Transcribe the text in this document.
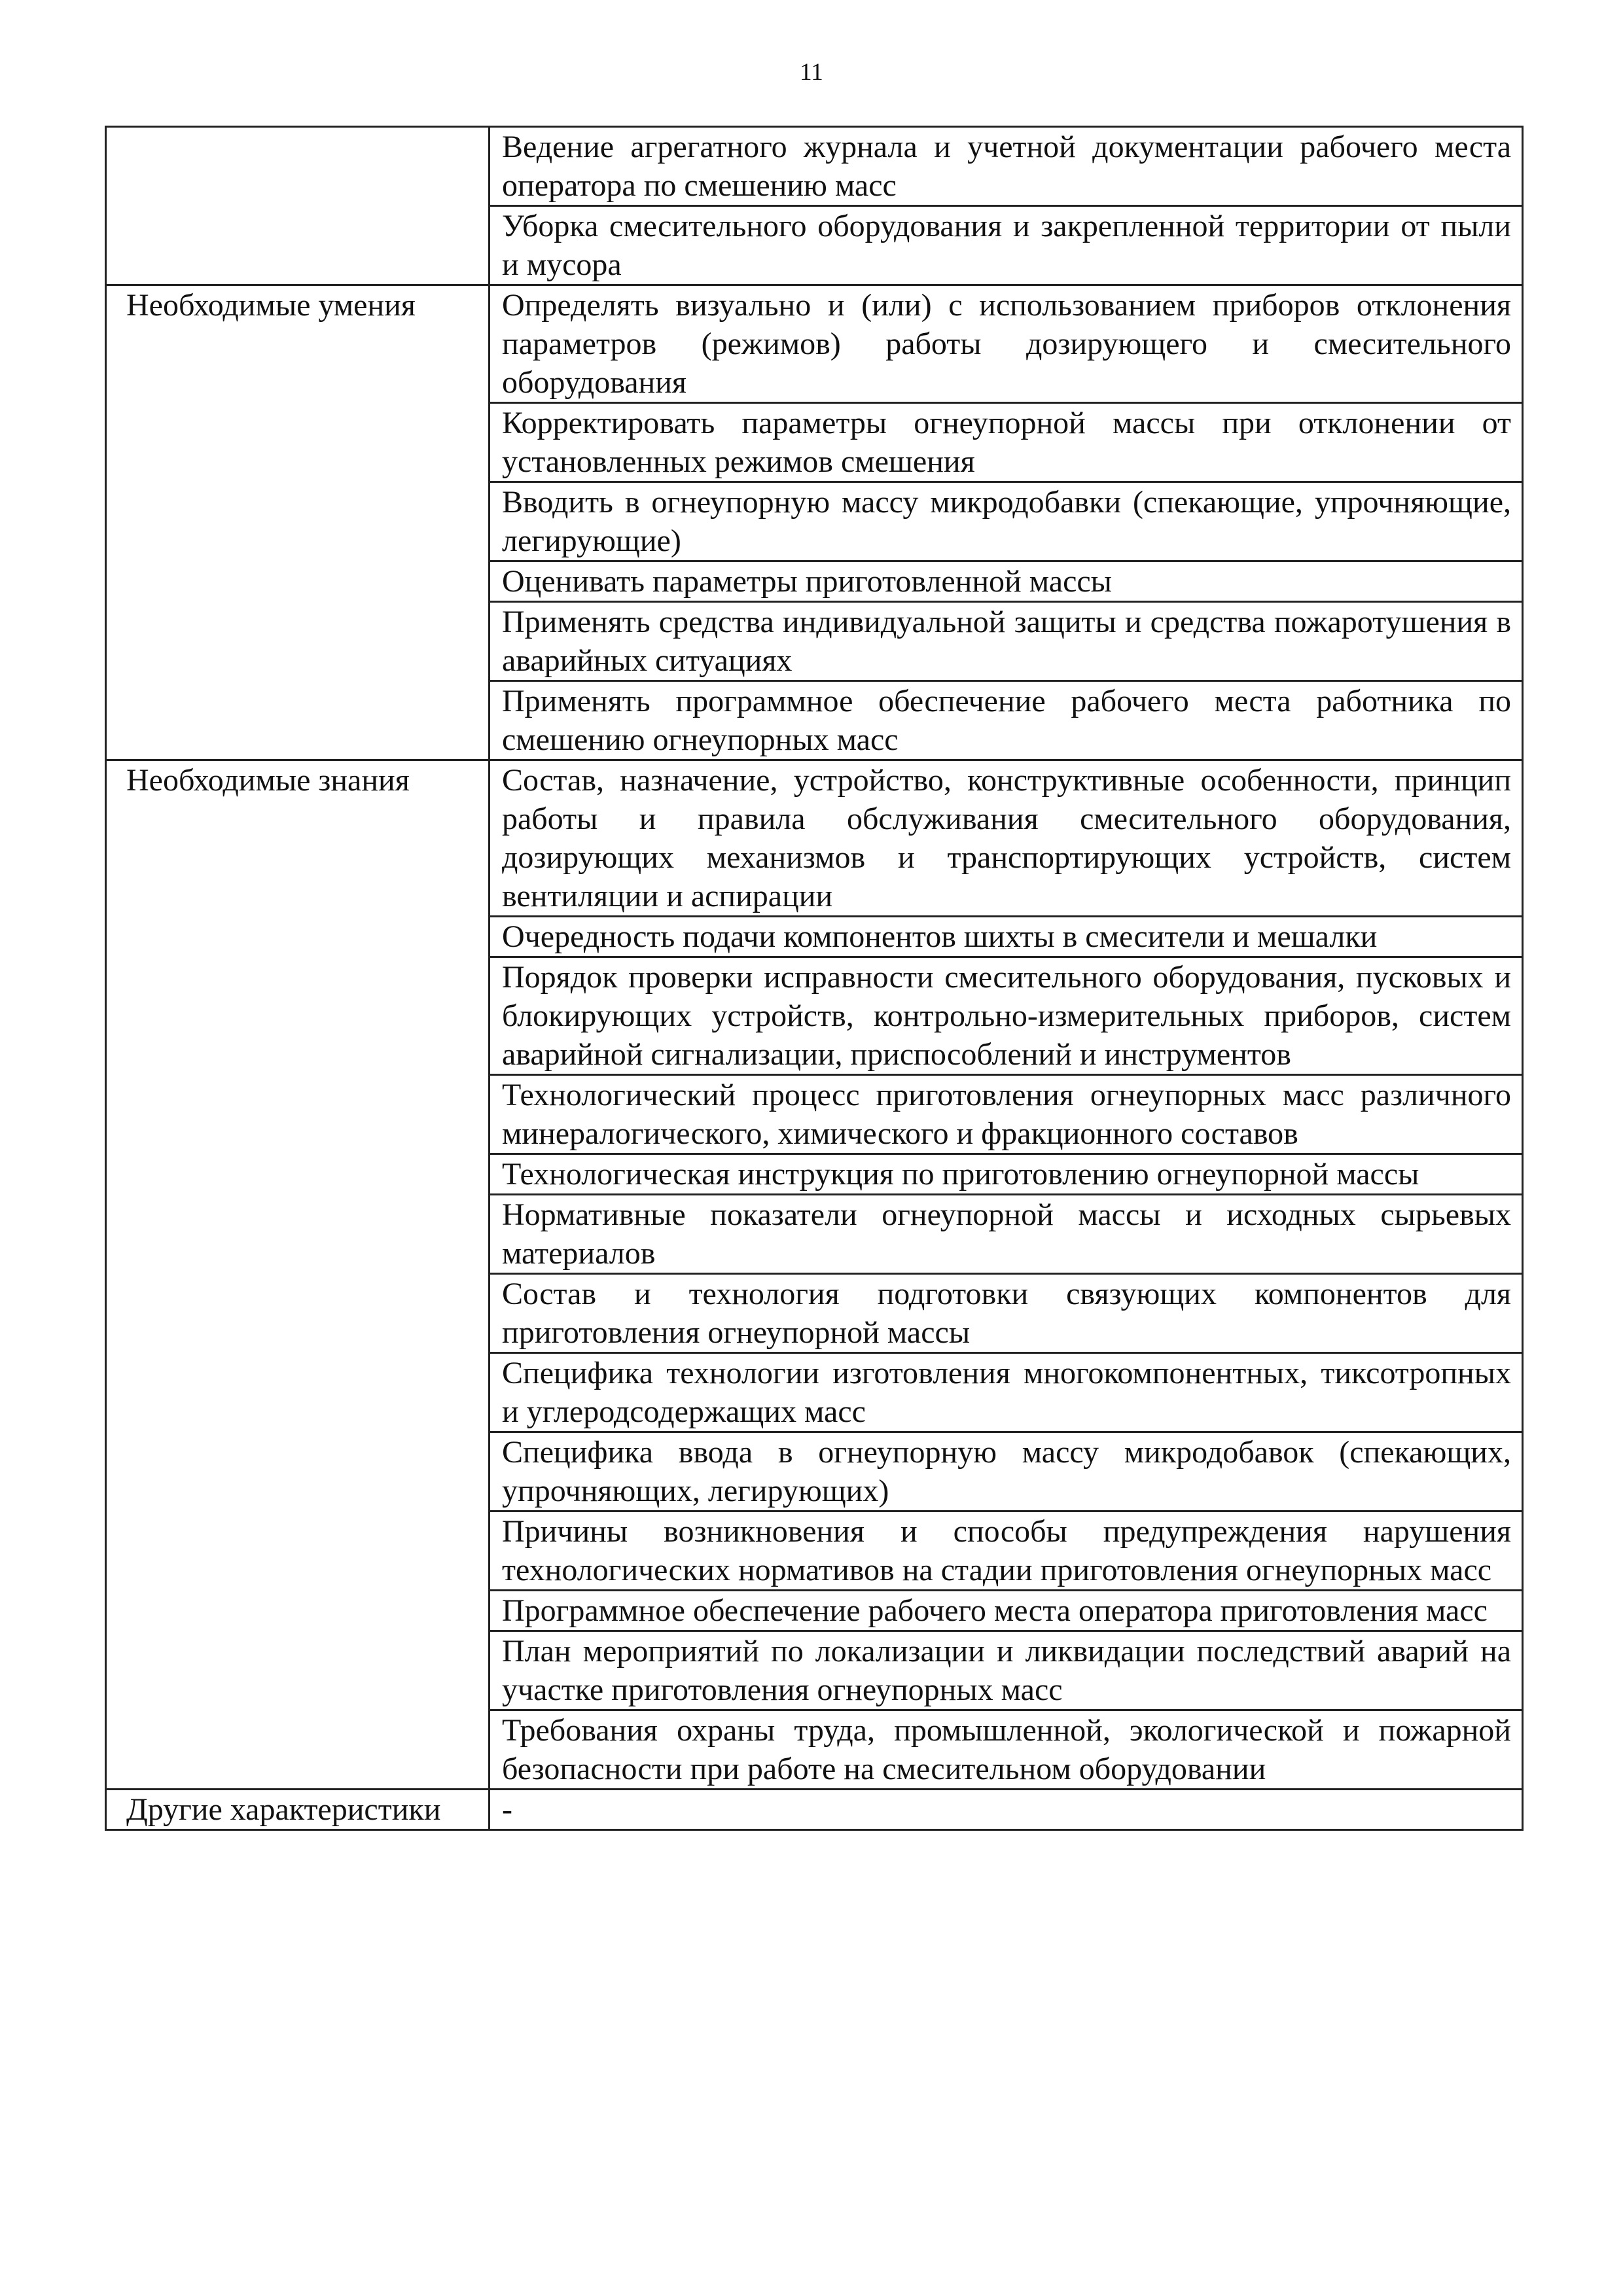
11
	Ведение агрегатного журнала и учетной документации рабочего места оператора по смешению масс
	Уборка смесительного оборудования и закрепленной территории от пыли и мусора
Необходимые умения	Определять визуально и (или) с использованием приборов отклонения параметров (режимов) работы дозирующего и смесительного оборудования
	Корректировать параметры огнеупорной массы при отклонении от установленных режимов смешения
	Вводить в огнеупорную массу микродобавки (спекающие, упрочняющие, легирующие)
	Оценивать параметры приготовленной массы
	Применять средства индивидуальной защиты и средства пожаротушения в аварийных ситуациях
	Применять программное обеспечение рабочего места работника по смешению огнеупорных масс
Необходимые знания	Состав, назначение, устройство, конструктивные особенности, принцип работы и правила обслуживания смесительного оборудования, дозирующих механизмов и транспортирующих устройств, систем вентиляции и аспирации
	Очередность подачи компонентов шихты в смесители и мешалки
	Порядок проверки исправности смесительного оборудования, пусковых и блокирующих устройств, контрольно-измерительных приборов, систем аварийной сигнализации, приспособлений и инструментов
	Технологический процесс приготовления огнеупорных масс различного минералогического, химического и фракционного составов
	Технологическая инструкция по приготовлению огнеупорной массы
	Нормативные показатели огнеупорной массы и исходных сырьевых материалов
	Состав и технология подготовки связующих компонентов для приготовления огнеупорной массы
	Специфика технологии изготовления многокомпонентных, тиксотропных и углеродсодержащих масс
	Специфика ввода в огнеупорную массу микродобавок (спекающих, упрочняющих, легирующих)
	Причины возникновения и способы предупреждения нарушения технологических нормативов на стадии приготовления огнеупорных масс
	Программное обеспечение рабочего места оператора приготовления масс
	План мероприятий по локализации и ликвидации последствий аварий на участке приготовления огнеупорных масс
	Требования охраны труда, промышленной, экологической и пожарной безопасности при работе на смесительном оборудовании
Другие характеристики	-
